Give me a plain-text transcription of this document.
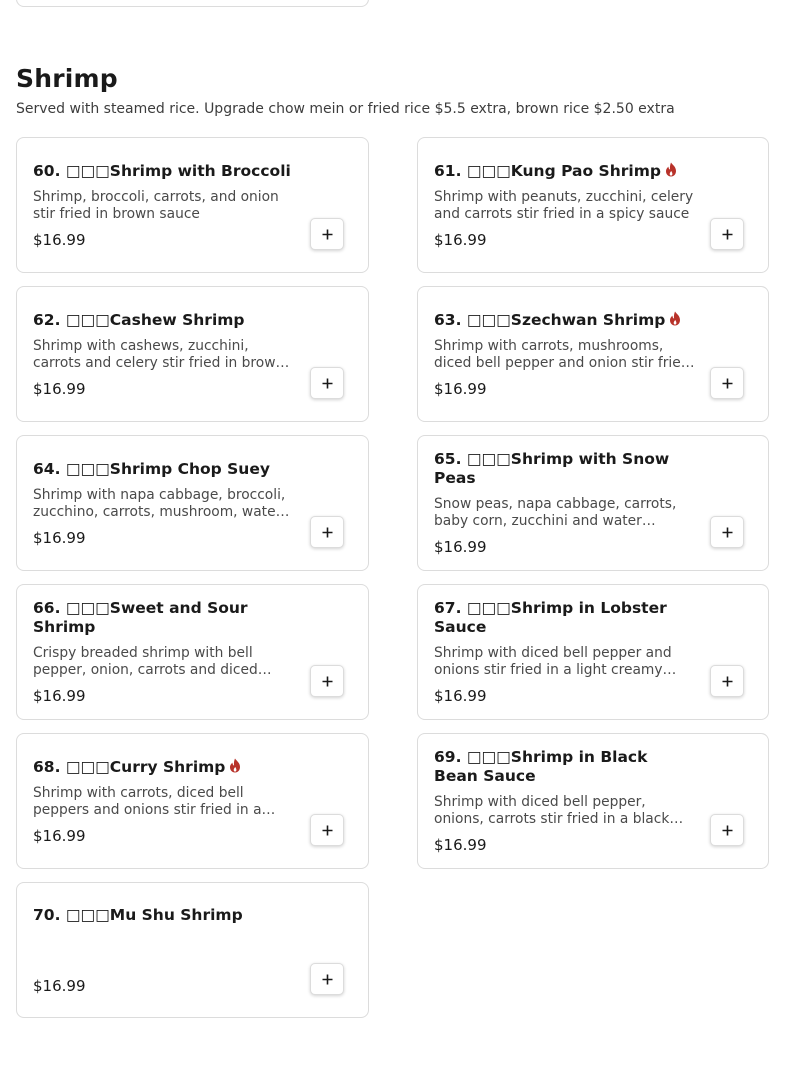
Shrimp

Served with steamed rice. Upgrade chow mein or fried rice $5.5 extra, brown rice $2.50 extra

60. □□□Shrimp with Broccoli
Shrimp, broccoli, carrots, and onion stir fried in brown sauce
$16.99
61. □□□Kung Pao Shrimp
Shrimp with peanuts, zucchini, celery and carrots stir fried in a spicy sauce
$16.99
62. □□□Cashew Shrimp
Shrimp with cashews, zucchini, carrots and celery stir fried in brown
$16.99
63. □□□Szechwan Shrimp
Shrimp with carrots, mushrooms, diced bell pepper and onion stir fried
$16.99
64. □□□Shrimp Chop Suey
Shrimp with napa cabbage, broccoli, zucchino, carrots, mushroom, water
$16.99
65. □□□Shrimp with Snow Peas
Snow peas, napa cabbage, carrots, baby corn, zucchini and water
$16.99
66. □□□Sweet and Sour Shrimp
Crispy breaded shrimp with bell pepper, onion, carrots and diced
$16.99
67. □□□Shrimp in Lobster Sauce
Shrimp with diced bell pepper and onions stir fried in a light creamy
$16.99
68. □□□Curry Shrimp
Shrimp with carrots, diced bell peppers and onions stir fried in a
$16.99
69. □□□Shrimp in Black Bean Sauce
Shrimp with diced bell pepper, onions, carrots stir fried in a black
$16.99
70. □□□Mu Shu Shrimp
$16.99
